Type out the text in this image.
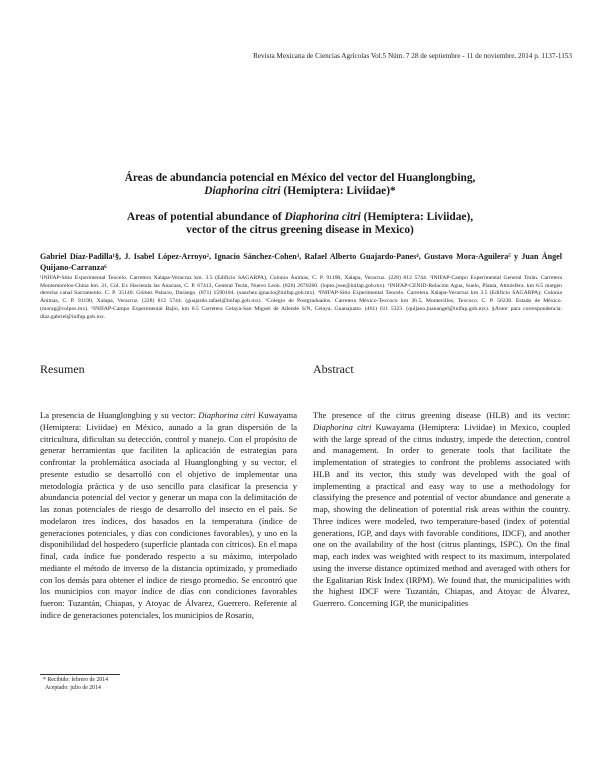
Revista Mexicana de Ciencias Agrícolas Vol.5 Núm. 7 28 de septiembre - 11 de noviembre, 2014 p. 1137-1153
Áreas de abundancia potencial en México del vector del Huanglongbing,
Diaphorina citri (Hemiptera: Liviidae)*
Areas of potential abundance of Diaphorina citri (Hemiptera: Liviidae),
vector of the citrus greening disease in Mexico)
Gabriel Díaz-Padilla¹§, J. Isabel López-Arroyo², Ignacio Sánchez-Cohen³, Rafael Alberto Guajardo-Panes⁴, Gustavo Mora-Aguilera⁵ y Juan Ángel Quijano-Carranza⁶
¹INIFAP-Sitio Experimental Teocelo. Carretera Xalapa-Veracruz km. 3.5 (Edificio SAGARPA), Colonia Ánimas, C. P. 91190, Xalapa, Veracruz. (228) 812 5744. ²INIFAP-Campo Experimental General Terán. Carretera Montemorelos-China km. 31, Col. Ex Hacienda las Anacuas, C. P. 67413, General Terán, Nuevo León. (826) 2670260. (lopez.jose@inifap.gob.mx). ³INIFAP-CENID-Relación Agua, Suelo, Planta, Atmósfera. km 6.5 margen derecha canal Sacramento. C. P. 35140. Gómez Palacio, Durango. (871) 1590104. (sanchez.ignacio@inifap.gob.mx). ⁴INIFAP-Sitio Experimental Teocelo. Carretera Xalapa-Veracruz km 3.5 (Edificio SAGARPA); Colonia Ánimas, C. P. 91190, Xalapa, Veracruz. (228) 812 5744. (guajardo.rafael@inifap.gob.mx). ⁵Colegio de Postgraduados. Carretera México-Texcoco km 36.5, Montecillos, Texcoco. C. P. 56230. Estado de México. (morag@colpos.mx). ⁶INIFAP-Campo Experimental Bajío, km 6.5 Carretera Celaya-San Miguel de Allende S/N, Celaya, Guanajuato. (461) 611 5323. (quijano.juanangel@inifap.gob.mx). §Autor para correspondencia: diaz.gabriel@inifap.gob.mx.
Resumen	Abstract

La presencia de Huanglongbing y su vector: Diaphorina citri Kuwayama (Hemiptera: Liviidae) en México, aunado a la gran dispersión de la citricultura, dificultan su detección, control y manejo. Con el propósito de generar herramientas que faciliten la aplicación de estrategias para confrontar la problemática asociada al Huanglongbing y su vector, el presente estudio se desarrolló con el objetivo de implementar una metodología práctica y de uso sencillo para clasificar la presencia y abundancia potencial del vector y generar un mapa con la delimitación de las zonas potenciales de riesgo de desarrollo del insecto en el país. Se modelaron tres índices, dos basados en la temperatura (índice de generaciones potenciales, y días con condiciones favorables), y uno en la disponibilidad del hospedero (superficie plantada con cítricos). En el mapa final, cada índice fue ponderado respecto a su máximo, interpolado mediante el método de inverso de la distancia optimizado, y promediado con los demás para obtener el índice de riesgo promedio. Se encontró que los municipios con mayor índice de días con condiciones favorables fueron: Tuzantán, Chiapas, y Atoyac de Álvarez, Guerrero. Referente al índice de generaciones potenciales, los municipios de Rosario,

The presence of the citrus greening disease (HLB) and its vector: Diaphorina citri Kuwayama (Hemiptera: Liviidae) in Mexico, coupled with the large spread of the citrus industry, impede the detection, control and management. In order to generate tools that facilitate the implementation of strategies to confront the problems associated with HLB and its vector, this study was developed with the goal of implementing a practical and easy way to use a methodology for classifying the presence and potential of vector abundance and generate a map, showing the delineation of potential risk areas within the country. Three indices were modeled, two temperature-based (index of potential generations, IGP, and days with favorable conditions, IDCF), and another one on the availability of the host (citrus plantings, ISPC). On the final map, each index was weighted with respect to its maximum, interpolated using the inverse distance optimized method and averaged with others for the Egalitarian Risk Index (IRPM). We found that, the municipalities with the highest IDCF were Tuzantán, Chiapas, and Atoyac de Álvarez, Guerrero. Concerning IGP, the municipalities

* Recibido: febrero de 2014
Aceptado: julio de 2014
